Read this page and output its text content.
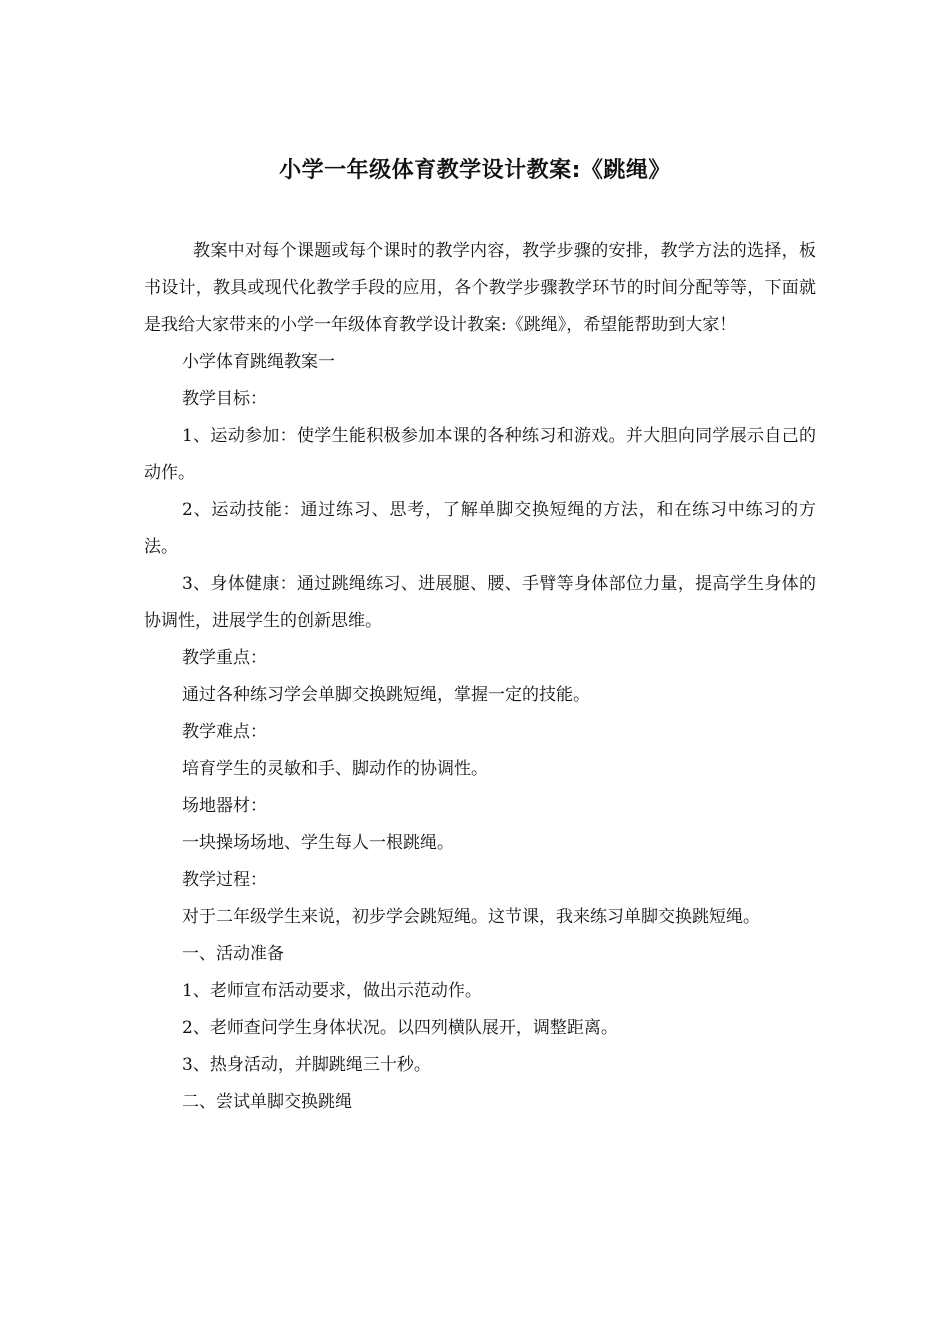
小学一年级体育教学设计教案:《跳绳》

教案中对每个课题或每个课时的教学内容，教学步骤的安排，教学方法的选择，板书设计，教具或现代化教学手段的应用，各个教学步骤教学环节的时间分配等等，下面就是我给大家带来的小学一年级体育教学设计教案:《跳绳》，希望能帮助到大家！

小学体育跳绳教案一

教学目标：

1、运动参加：使学生能积极参加本课的各种练习和游戏。并大胆向同学展示自己的动作。

2、运动技能：通过练习、思考，了解单脚交换短绳的方法，和在练习中练习的方法。

3、身体健康：通过跳绳练习、进展腿、腰、手臂等身体部位力量，提高学生身体的协调性，进展学生的创新思维。

教学重点：

通过各种练习学会单脚交换跳短绳，掌握一定的技能。

教学难点：

培育学生的灵敏和手、脚动作的协调性。

场地器材：

一块操场场地、学生每人一根跳绳。

教学过程：

对于二年级学生来说，初步学会跳短绳。这节课，我来练习单脚交换跳短绳。

一、活动准备

1、老师宣布活动要求，做出示范动作。

2、老师查问学生身体状况。以四列横队展开，调整距离。

3、热身活动，并脚跳绳三十秒。

二、尝试单脚交换跳绳
